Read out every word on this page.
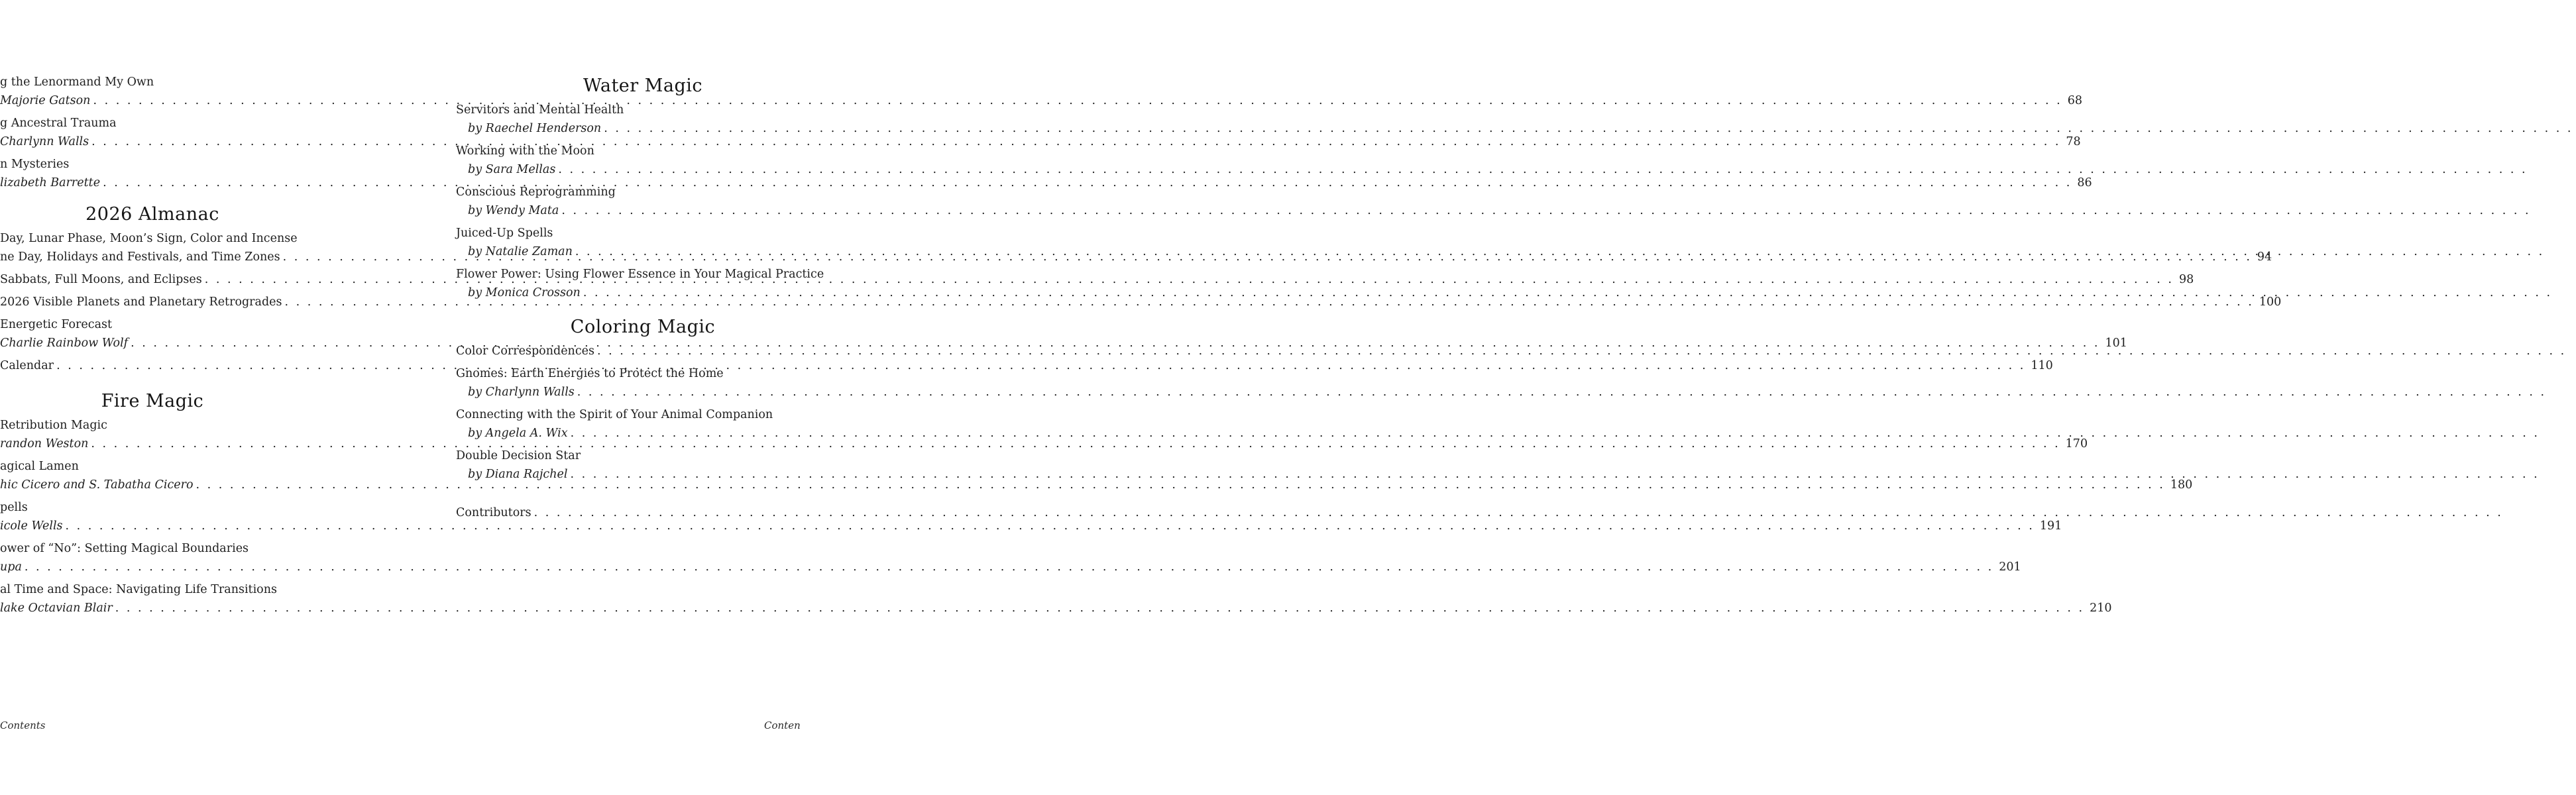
g the Lenormand My Own
Majorie Gatson . . .	68
g Ancestral Trauma
Charlynn Walls . . .	78
n Mysteries
lizabeth Barrette . . .	86
2026 Almanac
Day, Lunar Phase, Moon’s Sign, Color and Incense
ne Day, Holidays and Festivals, and Time Zones . . .	94
Sabbats, Full Moons, and Eclipses . . .	98
2026 Visible Planets and Planetary Retrogrades . . .	100
Energetic Forecast
Charlie Rainbow Wolf . . .	101
Calendar . . .	110
Fire Magic
Retribution Magic
randon Weston . . .	170
agical Lamen
hic Cicero and S. Tabatha Cicero . . .	180
pells
icole Wells . . .	191
ower of “No”: Setting Magical Boundaries
upa . . .	201
al Time and Space: Navigating Life Transitions
lake Octavian Blair . . .	210
Contents
Water Magic
Servitors and Mental Health
by Raechel Henderson
. . .
Working with the Moon
by Sara Mellas
. . .
Conscious Reprogramming
by Wendy Mata
. . .
Juiced-Up Spells
by Natalie Zaman
. . .
Flower Power: Using Flower Essence in Your Magical Practice
by Monica Crosson
. . .
Coloring Magic
Color Correspondences
. . .
Gnomes: Earth Energies to Protect the Home
by Charlynn Walls
. . .
Connecting with the Spirit of Your Animal Companion
by Angela A. Wix
. . .
Double Decision Star
by Diana Rajchel
. . .
Contributors
. . .
Conten
